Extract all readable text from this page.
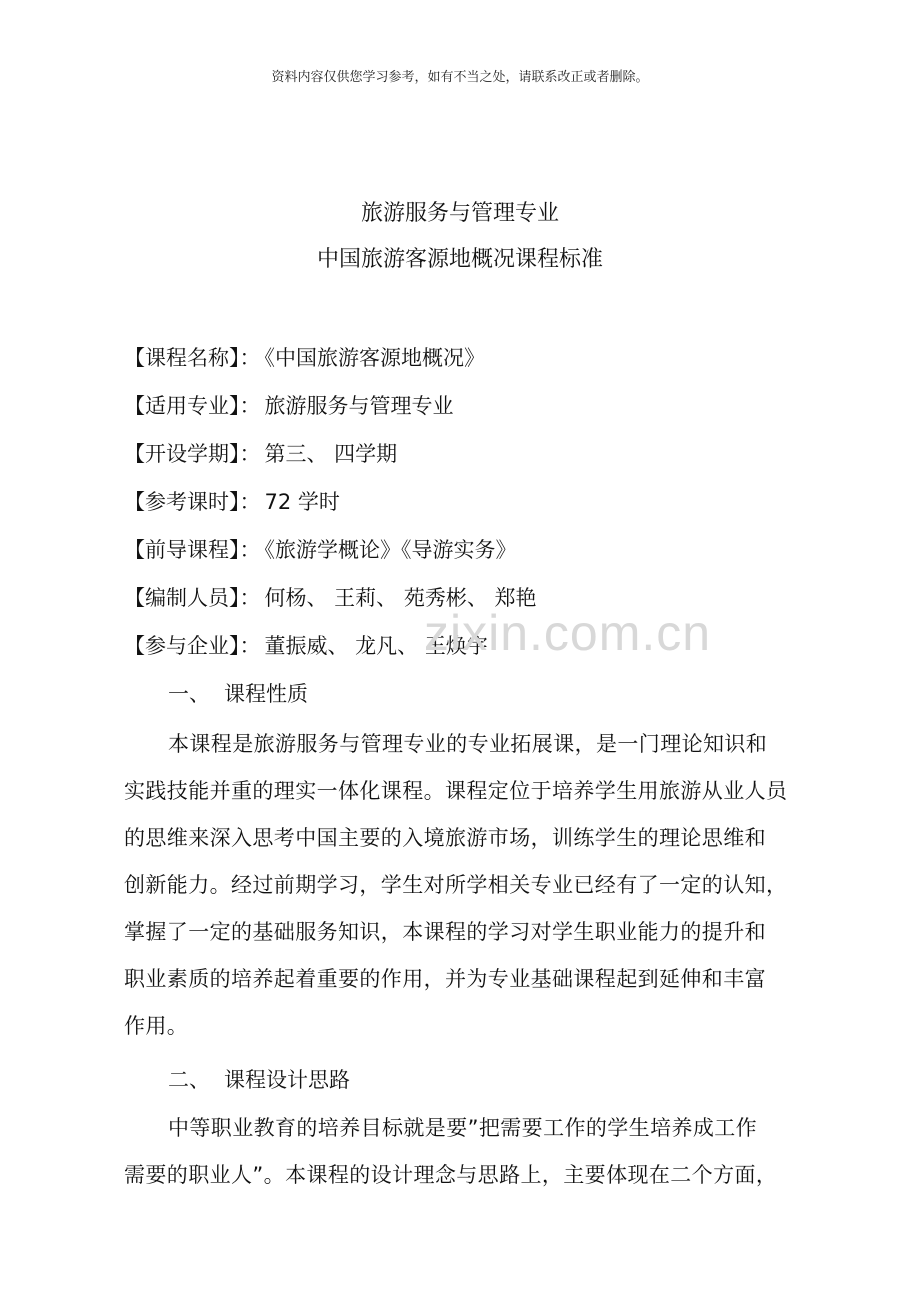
资料内容仅供您学习参考，如有不当之处，请联系改正或者删除。
旅游服务与管理专业
中国旅游客源地概况课程标准
【课程名称】： 《中国旅游客源地概况》
【适用专业】： 旅游服务与管理专业
【开设学期】： 第三、 四学期
【参考课时】： 72 学时
【前导课程】： 《旅游学概论》《导游实务》
【编制人员】： 何杨、 王莉、 苑秀彬、 郑艳
【参与企业】： 董振威、 龙凡、 王焕宇
zixin.com.cn
一、 课程性质
本课程是旅游服务与管理专业的专业拓展课，是一门理论知识和
实践技能并重的理实一体化课程。课程定位于培养学生用旅游从业人员
的思维来深入思考中国主要的入境旅游市场，训练学生的理论思维和
创新能力。经过前期学习，学生对所学相关专业已经有了一定的认知，
掌握了一定的基础服务知识，本课程的学习对学生职业能力的提升和
职业素质的培养起着重要的作用，并为专业基础课程起到延伸和丰富
作用。
二、 课程设计思路
中等职业教育的培养目标就是要”把需要工作的学生培养成工作
需要的职业人”。本课程的设计理念与思路上，主要体现在二个方面，
